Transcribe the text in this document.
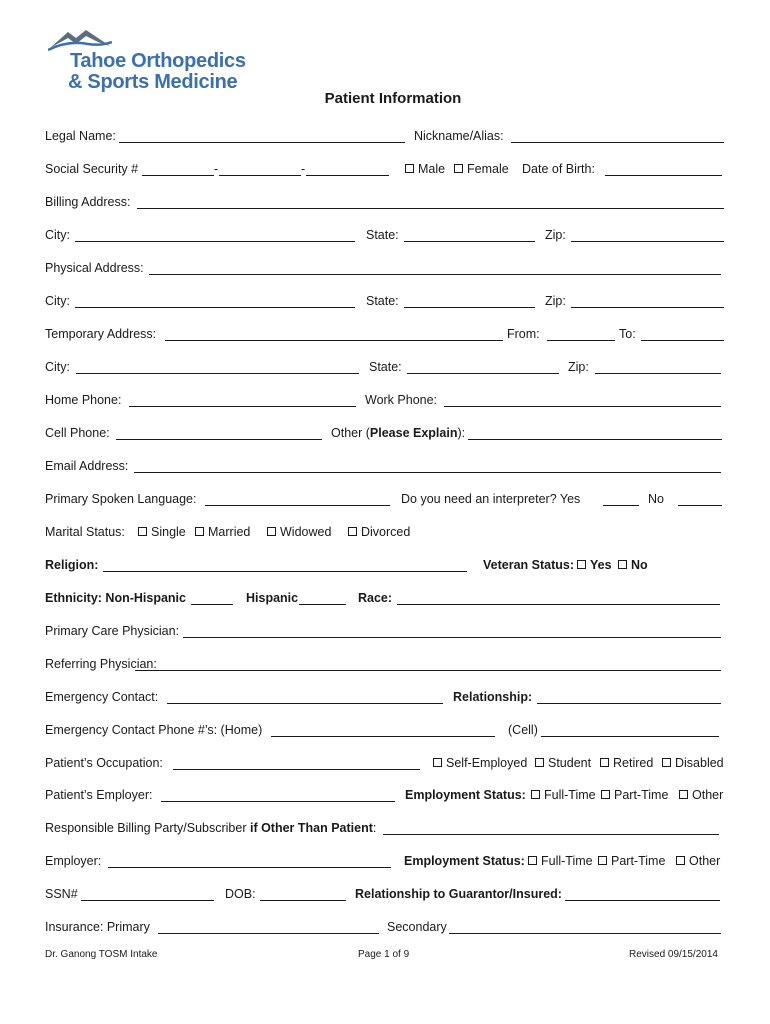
Tahoe Orthopedics
& Sports Medicine
Patient Information
Legal Name:	Nickname/Alias:
Social Security #	-	-	Male	Female Date of Birth:
Billing Address:
City:	State:	Zip:
Physical Address:
City:	State:	Zip:
Temporary Address:	From:	To:
City:	State:	Zip:
Home Phone:	Work Phone:
Cell Phone:	Other (Please Explain):
Email Address:
Primary Spoken Language:	Do you need an interpreter? Yes	No
Marital Status:	Single	Married	Widowed	Divorced
Religion:	Veteran Status:	Yes	No
Ethnicity: Non-Hispanic	Hispanic	Race:
Primary Care Physician:
Referring Physician:
Emergency Contact:	Relationship:
Emergency Contact Phone #’s: (Home)	(Cell)
Patient’s Occupation:	Self-Employed	Student	Retired	Disabled
Patient’s Employer:	Employment Status:	Full-Time	Part-Time	Other
Responsible Billing Party/Subscriber if Other Than Patient:
Employer:	Employment Status:	Full-Time	Part-Time	Other
SSN#	DOB:	Relationship to Guarantor/Insured:
Insurance: Primary	Secondary
Dr. Ganong TOSM Intake	Page 1 of 9	Revised 09/15/2014
